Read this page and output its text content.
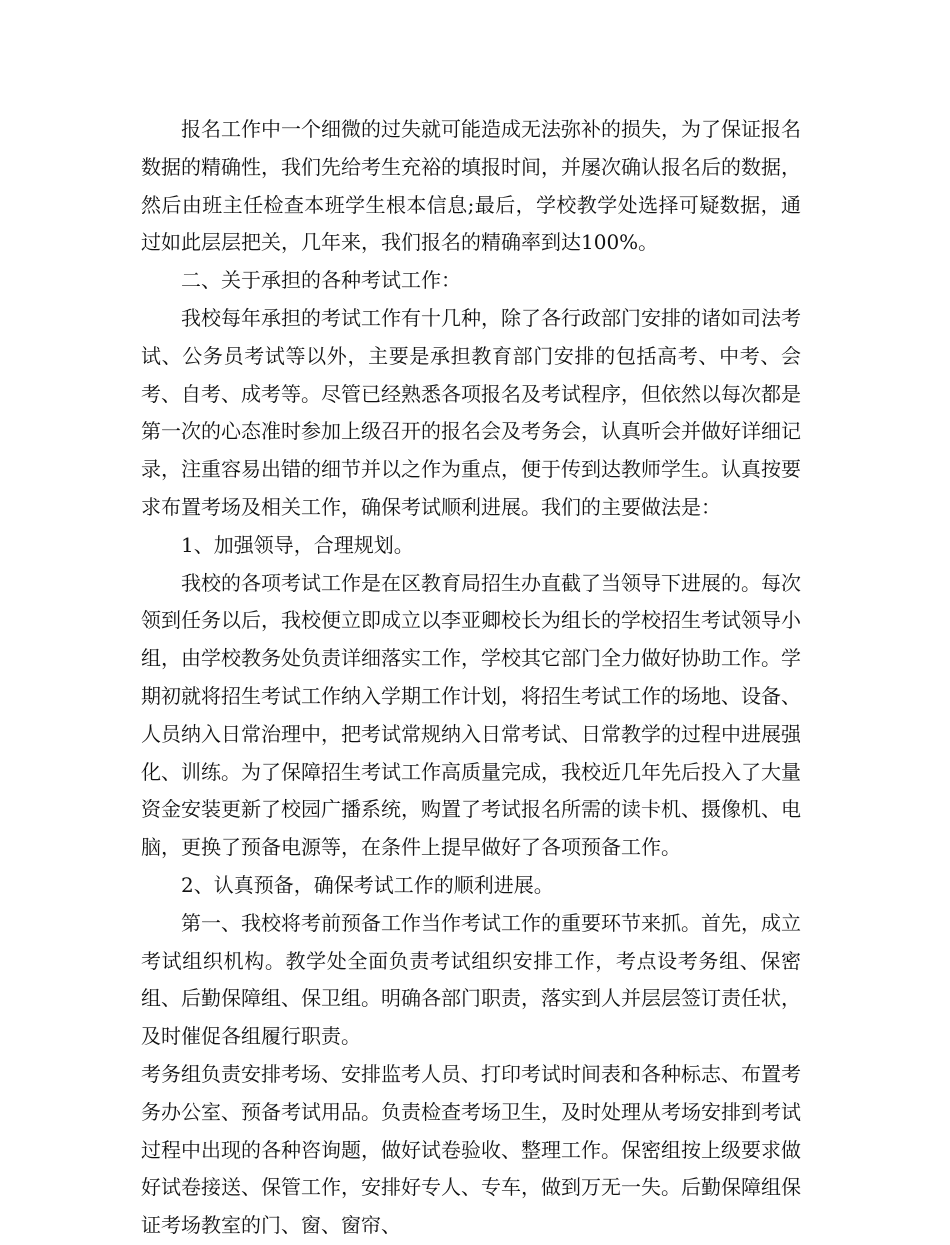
报名工作中一个细微的过失就可能造成无法弥补的损失，为了保证报名数据的精确性，我们先给考生充裕的填报时间，并屡次确认报名后的数据，然后由班主任检查本班学生根本信息;最后，学校教学处选择可疑数据，通过如此层层把关，几年来，我们报名的精确率到达100%。

二、关于承担的各种考试工作：

我校每年承担的考试工作有十几种，除了各行政部门安排的诸如司法考试、公务员考试等以外，主要是承担教育部门安排的包括高考、中考、会考、自考、成考等。尽管已经熟悉各项报名及考试程序，但依然以每次都是第一次的心态准时参加上级召开的报名会及考务会，认真听会并做好详细记录，注重容易出错的细节并以之作为重点，便于传到达教师学生。认真按要求布置考场及相关工作，确保考试顺利进展。我们的主要做法是：

1、加强领导，合理规划。

我校的各项考试工作是在区教育局招生办直截了当领导下进展的。每次领到任务以后，我校便立即成立以李亚卿校长为组长的学校招生考试领导小组，由学校教务处负责详细落实工作，学校其它部门全力做好协助工作。学期初就将招生考试工作纳入学期工作计划，将招生考试工作的场地、设备、人员纳入日常治理中，把考试常规纳入日常考试、日常教学的过程中进展强化、训练。为了保障招生考试工作高质量完成，我校近几年先后投入了大量资金安装更新了校园广播系统，购置了考试报名所需的读卡机、摄像机、电脑，更换了预备电源等，在条件上提早做好了各项预备工作。

2、认真预备，确保考试工作的顺利进展。

第一、我校将考前预备工作当作考试工作的重要环节来抓。首先，成立考试组织机构。教学处全面负责考试组织安排工作，考点设考务组、保密组、后勤保障组、保卫组。明确各部门职责，落实到人并层层签订责任状，及时催促各组履行职责。

考务组负责安排考场、安排监考人员、打印考试时间表和各种标志、布置考务办公室、预备考试用品。负责检查考场卫生，及时处理从考场安排到考试过程中出现的各种咨询题，做好试卷验收、整理工作。保密组按上级要求做好试卷接送、保管工作，安排好专人、专车，做到万无一失。后勤保障组保证考场教室的门、窗、窗帘、
